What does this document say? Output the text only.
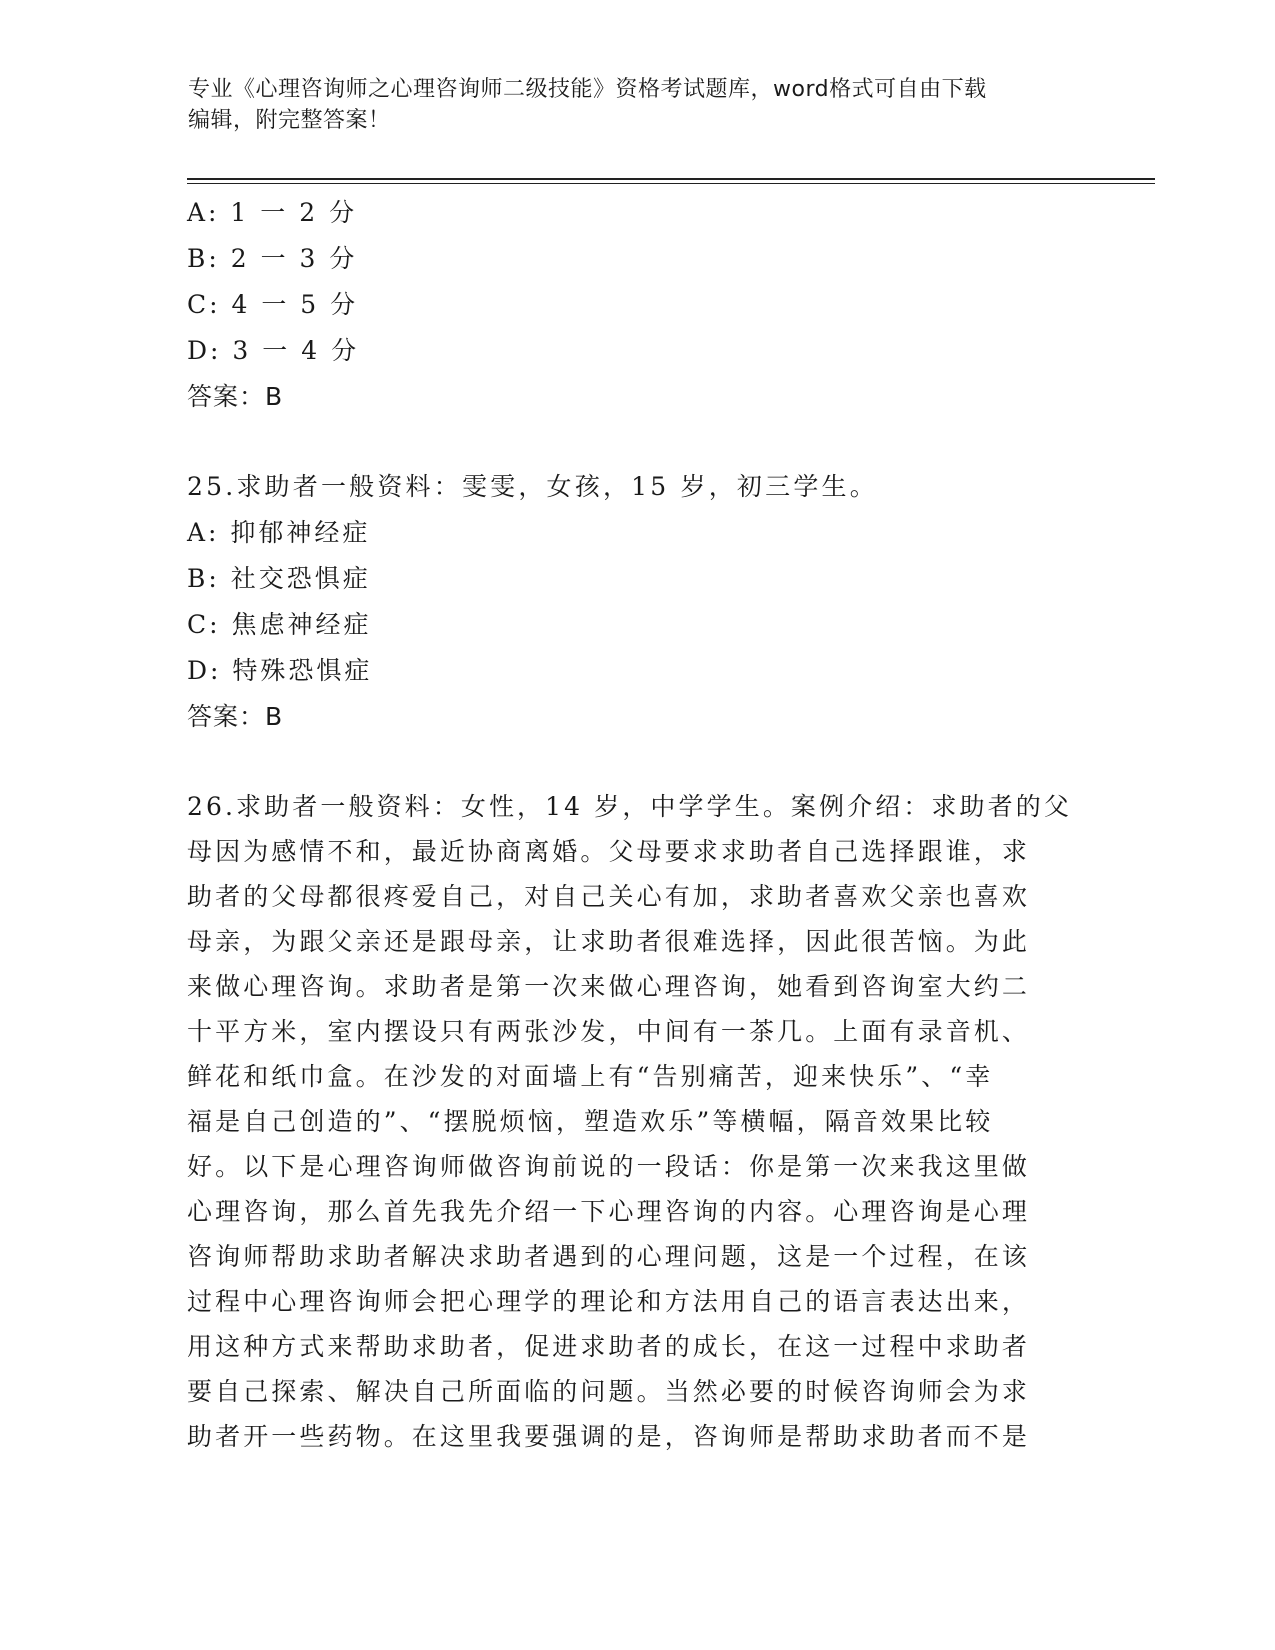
专业《心理咨询师之心理咨询师二级技能》资格考试题库，word格式可自由下载
编辑，附完整答案！
A: 1 一 2 分
B: 2 一 3 分
C: 4 一 5 分
D: 3 一 4 分
答案：B
25.求助者一般资料：雯雯，女孩，15 岁，初三学生。
A: 抑郁神经症
B: 社交恐惧症
C: 焦虑神经症
D: 特殊恐惧症
答案：B
26.求助者一般资料：女性，14 岁，中学学生。案例介绍：求助者的父
母因为感情不和，最近协商离婚。父母要求求助者自己选择跟谁，求
助者的父母都很疼爱自己，对自己关心有加，求助者喜欢父亲也喜欢
母亲，为跟父亲还是跟母亲，让求助者很难选择，因此很苦恼。为此
来做心理咨询。求助者是第一次来做心理咨询，她看到咨询室大约二
十平方米，室内摆设只有两张沙发，中间有一茶几。上面有录音机、
鲜花和纸巾盒。在沙发的对面墙上有“告别痛苦，迎来快乐”、“幸
福是自己创造的”、“摆脱烦恼，塑造欢乐”等横幅，隔音效果比较
好。以下是心理咨询师做咨询前说的一段话：你是第一次来我这里做
心理咨询，那么首先我先介绍一下心理咨询的内容。心理咨询是心理
咨询师帮助求助者解决求助者遇到的心理问题，这是一个过程，在该
过程中心理咨询师会把心理学的理论和方法用自己的语言表达出来，
用这种方式来帮助求助者，促进求助者的成长，在这一过程中求助者
要自己探索、解决自己所面临的问题。当然必要的时候咨询师会为求
助者开一些药物。在这里我要强调的是，咨询师是帮助求助者而不是
